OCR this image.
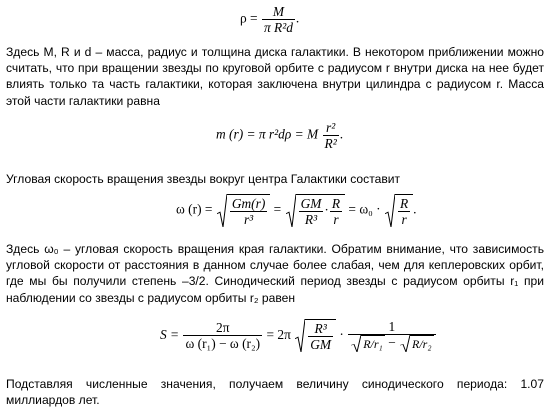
$\rho = \frac{M}{\text{π R²d}}$ .
Здесь M, R и d – масса, радиус и толщина диска галактики. В некотором приближении можно считать, что при вращении звезды по круговой орбите с радиусом r внутри диска на нее будет влиять только та часть галактики, которая заключена внутри цилиндра с радиусом r. Масса этой части галактики равна
m (r) = π r²dρ = M $\frac{\text{r²}}{\text{R²}}$ .
Угловая скорость вращения звезды вокруг центра Галактики составит
ω $(r) = \frac{Gm(r)}{\text{r³}} = \frac{GM}{\text{R³}} \cdot \frac{R}{r} = \omega_0 \cdot \frac{R}{r}$ .
Здесь ω₀ – угловая скорость вращения края галактики. Обратим внимание, что зависимость угловой скорости от расстояния в данном случае более слабая, чем для кеплеровских орбит, где мы бы получили степень –3/2. Синодический период звезды с радиусом орбиты r₁ при наблюдении со звезды с радиусом орбиты r₂ равен
$S = \frac{2\pi}{\text{ω (r₁) − ω (r₂)}} = 2\pi \frac{\text{R³}}{GM} \cdot \frac{1}{\text{R/r₁ − R/r₂}}$
Подставляя численные значения, получаем величину синодического периода: 1.07 миллиардов лет.
